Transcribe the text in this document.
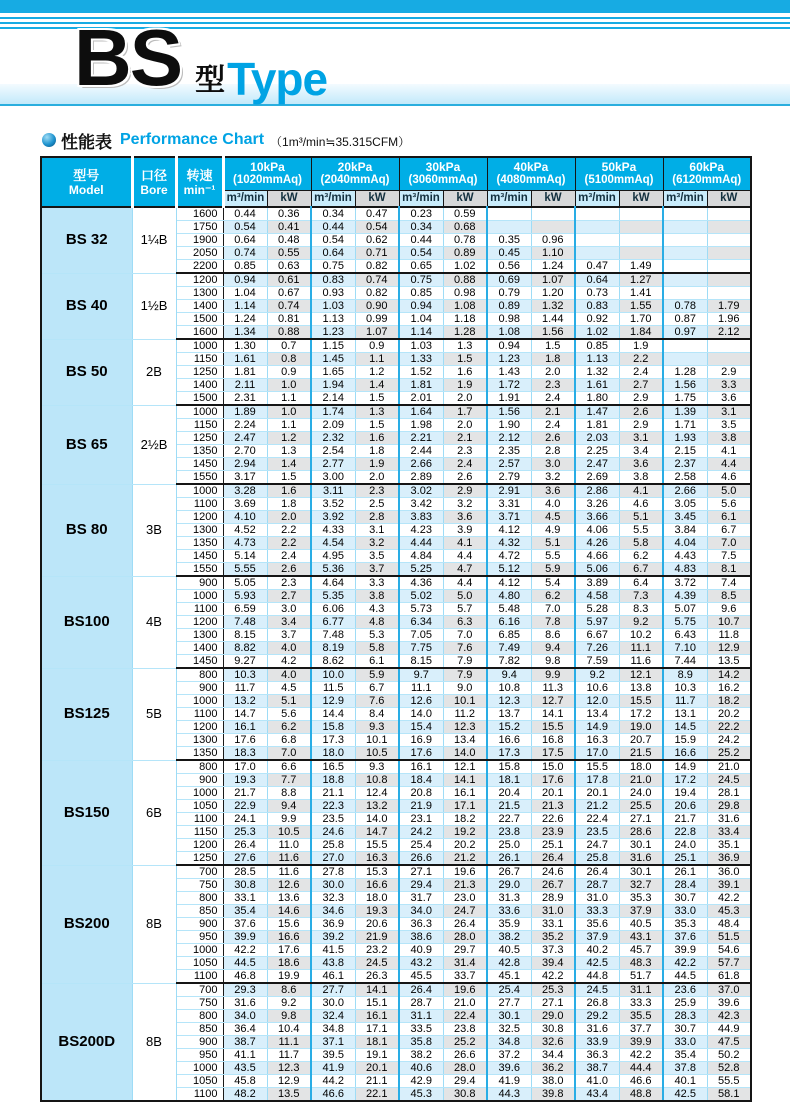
BS 型 Type
性能表 Performance Chart （1m³/min≒35.315CFM）
型号
Model	口径
Bore	转速
min⁻¹	10kPa
(1020mmAq)		20kPa
(2040mmAq)		30kPa
(3060mmAq)		40kPa
(4080mmAq)		50kPa
(5100mmAq)		60kPa
(6120mmAq)	

			m³/min	kW	m³/min	kW	m³/min	kW	m³/min	kW	m³/min	kW	m³/min	kW
BS 32	1¼B	1600	0.44	0.36	0.34	0.47	0.23	0.59						
		1750	0.54	0.41	0.44	0.54	0.34	0.68						
		1900	0.64	0.48	0.54	0.62	0.44	0.78	0.35	0.96				
		2050	0.74	0.55	0.64	0.71	0.54	0.89	0.45	1.10				
		2200	0.85	0.63	0.75	0.82	0.65	1.02	0.56	1.24	0.47	1.49		
BS 40	1½B	1200	0.94	0.61	0.83	0.74	0.75	0.88	0.69	1.07	0.64	1.27		
		1300	1.04	0.67	0.93	0.82	0.85	0.98	0.79	1.20	0.73	1.41		
		1400	1.14	0.74	1.03	0.90	0.94	1.08	0.89	1.32	0.83	1.55	0.78	1.79
		1500	1.24	0.81	1.13	0.99	1.04	1.18	0.98	1.44	0.92	1.70	0.87	1.96
		1600	1.34	0.88	1.23	1.07	1.14	1.28	1.08	1.56	1.02	1.84	0.97	2.12
BS 50	2B	1000	1.30	0.7	1.15	0.9	1.03	1.3	0.94	1.5	0.85	1.9		
		1150	1.61	0.8	1.45	1.1	1.33	1.5	1.23	1.8	1.13	2.2		
		1250	1.81	0.9	1.65	1.2	1.52	1.6	1.43	2.0	1.32	2.4	1.28	2.9
		1400	2.11	1.0	1.94	1.4	1.81	1.9	1.72	2.3	1.61	2.7	1.56	3.3
		1500	2.31	1.1	2.14	1.5	2.01	2.0	1.91	2.4	1.80	2.9	1.75	3.6
BS 65	2½B	1000	1.89	1.0	1.74	1.3	1.64	1.7	1.56	2.1	1.47	2.6	1.39	3.1
		1150	2.24	1.1	2.09	1.5	1.98	2.0	1.90	2.4	1.81	2.9	1.71	3.5
		1250	2.47	1.2	2.32	1.6	2.21	2.1	2.12	2.6	2.03	3.1	1.93	3.8
		1350	2.70	1.3	2.54	1.8	2.44	2.3	2.35	2.8	2.25	3.4	2.15	4.1
		1450	2.94	1.4	2.77	1.9	2.66	2.4	2.57	3.0	2.47	3.6	2.37	4.4
		1550	3.17	1.5	3.00	2.0	2.89	2.6	2.79	3.2	2.69	3.8	2.58	4.6
BS 80	3B	1000	3.28	1.6	3.11	2.3	3.02	2.9	2.91	3.6	2.86	4.1	2.66	5.0
		1100	3.69	1.8	3.52	2.5	3.42	3.2	3.31	4.0	3.26	4.6	3.05	5.6
		1200	4.10	2.0	3.92	2.8	3.83	3.6	3.71	4.5	3.66	5.1	3.45	6.1
		1300	4.52	2.2	4.33	3.1	4.23	3.9	4.12	4.9	4.06	5.5	3.84	6.7
		1350	4.73	2.2	4.54	3.2	4.44	4.1	4.32	5.1	4.26	5.8	4.04	7.0
		1450	5.14	2.4	4.95	3.5	4.84	4.4	4.72	5.5	4.66	6.2	4.43	7.5
		1550	5.55	2.6	5.36	3.7	5.25	4.7	5.12	5.9	5.06	6.7	4.83	8.1
BS100	4B	900	5.05	2.3	4.64	3.3	4.36	4.4	4.12	5.4	3.89	6.4	3.72	7.4
		1000	5.93	2.7	5.35	3.8	5.02	5.0	4.80	6.2	4.58	7.3	4.39	8.5
		1100	6.59	3.0	6.06	4.3	5.73	5.7	5.48	7.0	5.28	8.3	5.07	9.6
		1200	7.48	3.4	6.77	4.8	6.34	6.3	6.16	7.8	5.97	9.2	5.75	10.7
		1300	8.15	3.7	7.48	5.3	7.05	7.0	6.85	8.6	6.67	10.2	6.43	11.8
		1400	8.82	4.0	8.19	5.8	7.75	7.6	7.49	9.4	7.26	11.1	7.10	12.9
		1450	9.27	4.2	8.62	6.1	8.15	7.9	7.82	9.8	7.59	11.6	7.44	13.5
BS125	5B	800	10.3	4.0	10.0	5.9	9.7	7.9	9.4	9.9	9.2	12.1	8.9	14.2
		900	11.7	4.5	11.5	6.7	11.1	9.0	10.8	11.3	10.6	13.8	10.3	16.2
		1000	13.2	5.1	12.9	7.6	12.6	10.1	12.3	12.7	12.0	15.5	11.7	18.2
		1100	14.7	5.6	14.4	8.4	14.0	11.2	13.7	14.1	13.4	17.2	13.1	20.2
		1200	16.1	6.2	15.8	9.3	15.4	12.3	15.2	15.5	14.9	19.0	14.5	22.2
		1300	17.6	6.8	17.3	10.1	16.9	13.4	16.6	16.8	16.3	20.7	15.9	24.2
		1350	18.3	7.0	18.0	10.5	17.6	14.0	17.3	17.5	17.0	21.5	16.6	25.2
BS150	6B	800	17.0	6.6	16.5	9.3	16.1	12.1	15.8	15.0	15.5	18.0	14.9	21.0
		900	19.3	7.7	18.8	10.8	18.4	14.1	18.1	17.6	17.8	21.0	17.2	24.5
		1000	21.7	8.8	21.1	12.4	20.8	16.1	20.4	20.1	20.1	24.0	19.4	28.1
		1050	22.9	9.4	22.3	13.2	21.9	17.1	21.5	21.3	21.2	25.5	20.6	29.8
		1100	24.1	9.9	23.5	14.0	23.1	18.2	22.7	22.6	22.4	27.1	21.7	31.6
		1150	25.3	10.5	24.6	14.7	24.2	19.2	23.8	23.9	23.5	28.6	22.8	33.4
		1200	26.4	11.0	25.8	15.5	25.4	20.2	25.0	25.1	24.7	30.1	24.0	35.1
		1250	27.6	11.6	27.0	16.3	26.6	21.2	26.1	26.4	25.8	31.6	25.1	36.9
BS200	8B	700	28.5	11.6	27.8	15.3	27.1	19.6	26.7	24.6	26.4	30.1	26.1	36.0
		750	30.8	12.6	30.0	16.6	29.4	21.3	29.0	26.7	28.7	32.7	28.4	39.1
		800	33.1	13.6	32.3	18.0	31.7	23.0	31.3	28.9	31.0	35.3	30.7	42.2
		850	35.4	14.6	34.6	19.3	34.0	24.7	33.6	31.0	33.3	37.9	33.0	45.3
		900	37.6	15.6	36.9	20.6	36.3	26.4	35.9	33.1	35.6	40.5	35.3	48.4
		950	39.9	16.6	39.2	21.9	38.6	28.0	38.2	35.2	37.9	43.1	37.6	51.5
		1000	42.2	17.6	41.5	23.2	40.9	29.7	40.5	37.3	40.2	45.7	39.9	54.6
		1050	44.5	18.6	43.8	24.5	43.2	31.4	42.8	39.4	42.5	48.3	42.2	57.7
		1100	46.8	19.9	46.1	26.3	45.5	33.7	45.1	42.2	44.8	51.7	44.5	61.8
BS200D	8B	700	29.3	8.6	27.7	14.1	26.4	19.6	25.4	25.3	24.5	31.1	23.6	37.0
		750	31.6	9.2	30.0	15.1	28.7	21.0	27.7	27.1	26.8	33.3	25.9	39.6
		800	34.0	9.8	32.4	16.1	31.1	22.4	30.1	29.0	29.2	35.5	28.3	42.3
		850	36.4	10.4	34.8	17.1	33.5	23.8	32.5	30.8	31.6	37.7	30.7	44.9
		900	38.7	11.1	37.1	18.1	35.8	25.2	34.8	32.6	33.9	39.9	33.0	47.5
		950	41.1	11.7	39.5	19.1	38.2	26.6	37.2	34.4	36.3	42.2	35.4	50.2
		1000	43.5	12.3	41.9	20.1	40.6	28.0	39.6	36.2	38.7	44.4	37.8	52.8
		1050	45.8	12.9	44.2	21.1	42.9	29.4	41.9	38.0	41.0	46.6	40.1	55.5
		1100	48.2	13.5	46.6	22.1	45.3	30.8	44.3	39.8	43.4	48.8	42.5	58.1
